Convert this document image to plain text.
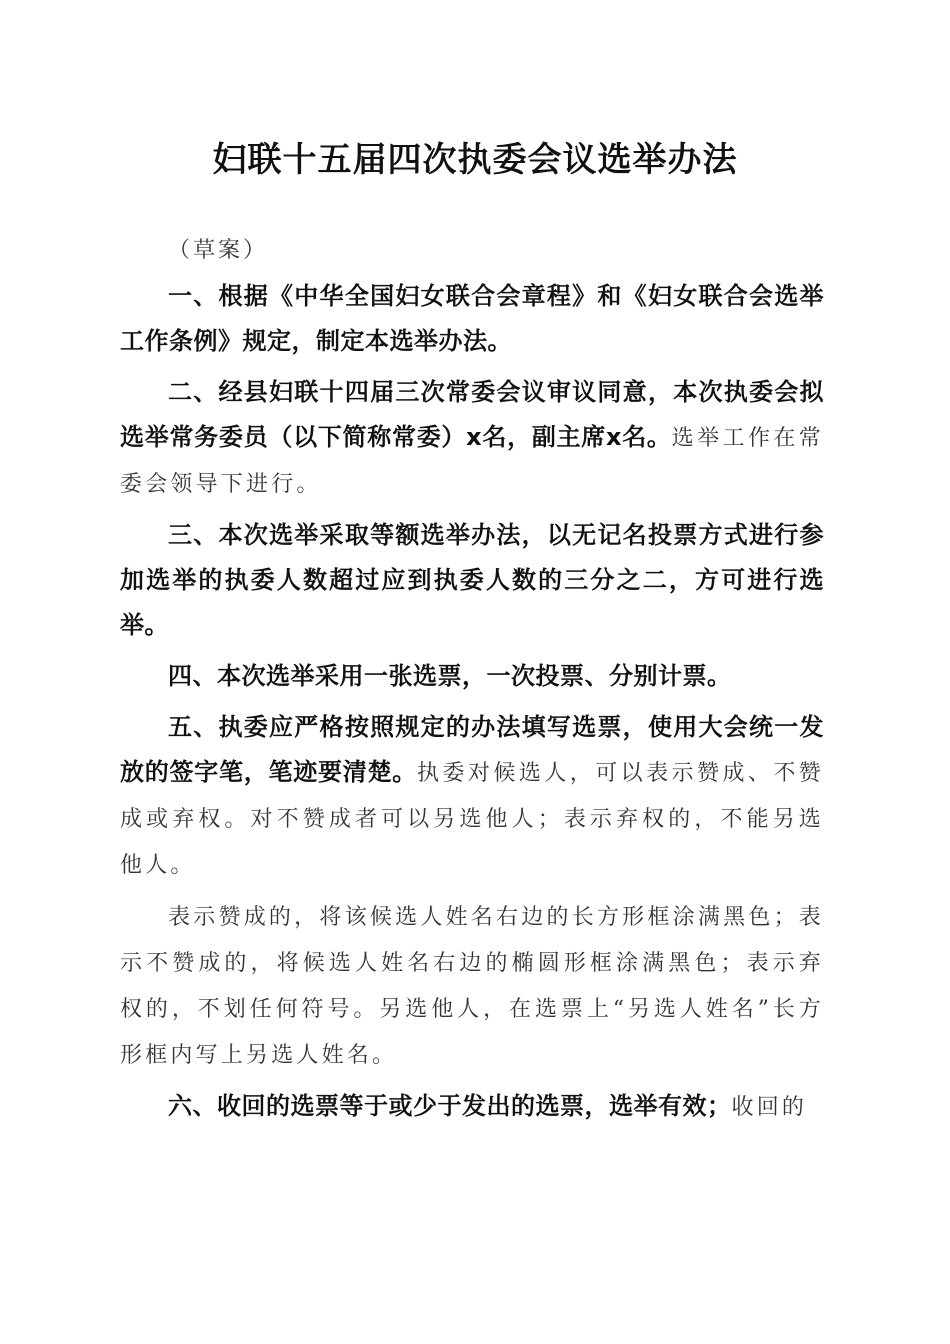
妇联十五届四次执委会议选举办法

（草案）

一、根据《中华全国妇女联合会章程》和《妇女联合会选举工作条例》规定，制定本选举办法。

二、经县妇联十四届三次常委会议审议同意，本次执委会拟选举常务委员（以下简称常委）x名，副主席x名。选举工作在常委会领导下进行。

三、本次选举采取等额选举办法，以无记名投票方式进行参加选举的执委人数超过应到执委人数的三分之二，方可进行选举。

四、本次选举采用一张选票，一次投票、分别计票。

五、执委应严格按照规定的办法填写选票，使用大会统一发放的签字笔，笔迹要清楚。执委对候选人，可以表示赞成、不赞成或弃权。对不赞成者可以另选他人；表示弃权的，不能另选他人。

表示赞成的，将该候选人姓名右边的长方形框涂满黑色；表示不赞成的，将候选人姓名右边的椭圆形框涂满黑色；表示弃权的，不划任何符号。另选他人，在选票上“另选人姓名”长方形框内写上另选人姓名。

六、收回的选票等于或少于发出的选票，选举有效；收回的
